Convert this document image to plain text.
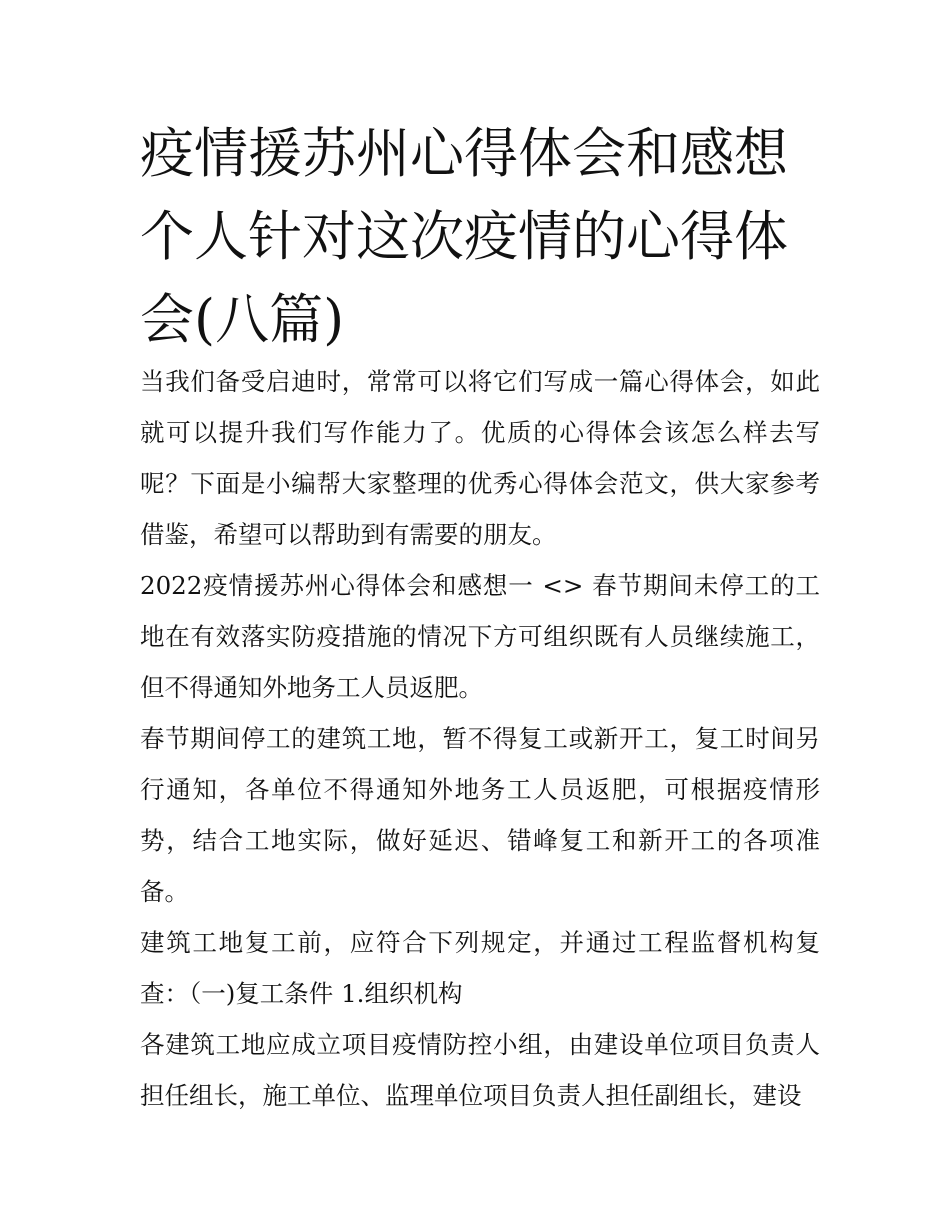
疫情援苏州心得体会和感想 个人针对这次疫情的心得体会(八篇)

当我们备受启迪时，常常可以将它们写成一篇心得体会，如此就可以提升我们写作能力了。优质的心得体会该怎么样去写呢？下面是小编帮大家整理的优秀心得体会范文，供大家参考借鉴，希望可以帮助到有需要的朋友。

2022疫情援苏州心得体会和感想一 <> 春节期间未停工的工地在有效落实防疫措施的情况下方可组织既有人员继续施工，但不得通知外地务工人员返肥。

春节期间停工的建筑工地，暂不得复工或新开工，复工时间另行通知，各单位不得通知外地务工人员返肥，可根据疫情形势，结合工地实际，做好延迟、错峰复工和新开工的各项准备。

建筑工地复工前，应符合下列规定，并通过工程监督机构复查：（一)复工条件 1.组织机构

各建筑工地应成立项目疫情防控小组，由建设单位项目负责人担任组长，施工单位、监理单位项目负责人担任副组长，建设
